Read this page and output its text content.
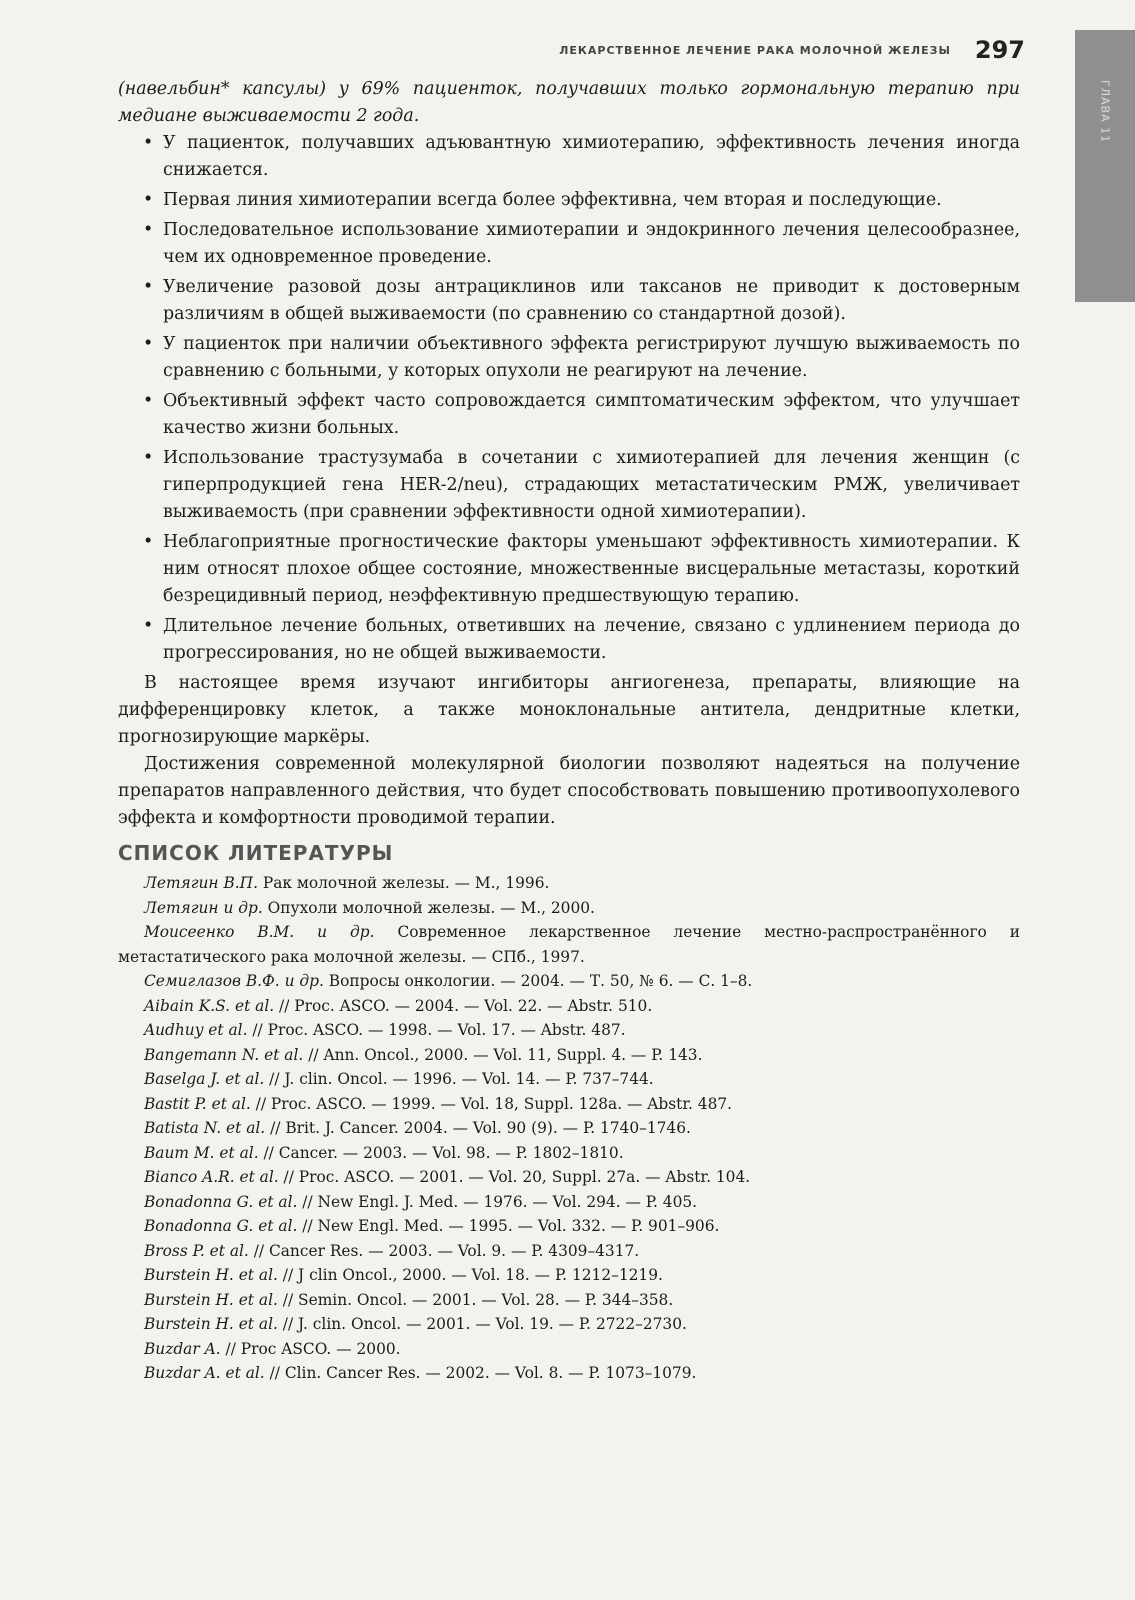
ЛЕКАРСТВЕННОЕ ЛЕЧЕНИЕ РАКА МОЛОЧНОЙ ЖЕЛЕЗЫ 297
ГЛАВА 11

(навельбин* капсулы) у 69% пациенток, получавших только гормональную терапию при медиане выживаемости 2 года.

• У пациенток, получавших адъювантную химиотерапию, эффективность лечения иногда снижается.
• Первая линия химиотерапии всегда более эффективна, чем вторая и последующие.
• Последовательное использование химиотерапии и эндокринного лечения целесообразнее, чем их одновременное проведение.
• Увеличение разовой дозы антрациклинов или таксанов не приводит к достоверным различиям в общей выживаемости (по сравнению со стандартной дозой).
• У пациенток при наличии объективного эффекта регистрируют лучшую выживаемость по сравнению с больными, у которых опухоли не реагируют на лечение.
• Объективный эффект часто сопровождается симптоматическим эффектом, что улучшает качество жизни больных.
• Использование трастузумаба в сочетании с химиотерапией для лечения женщин (с гиперпродукцией гена HER-2/neu), страдающих метастатическим РМЖ, увеличивает выживаемость (при сравнении эффективности одной химиотерапии).
• Неблагоприятные прогностические факторы уменьшают эффективность химиотерапии. К ним относят плохое общее состояние, множественные висцеральные метастазы, короткий безрецидивный период, неэффективную предшествующую терапию.
• Длительное лечение больных, ответивших на лечение, связано с удлинением периода до прогрессирования, но не общей выживаемости.

В настоящее время изучают ингибиторы ангиогенеза, препараты, влияющие на дифференцировку клеток, а также моноклональные антитела, дендритные клетки, прогнозирующие маркёры.

Достижения современной молекулярной биологии позволяют надеяться на получение препаратов направленного действия, что будет способствовать повышению противоопухолевого эффекта и комфортности проводимой терапии.

СПИСОК ЛИТЕРАТУРЫ
Летягин В.П. Рак молочной железы. — М., 1996.
Летягин и др. Опухоли молочной железы. — М., 2000.
Моисеенко В.М. и др. Современное лекарственное лечение местно-распространённого и метастатического рака молочной железы. — СПб., 1997.
Семиглазов В.Ф. и др. Вопросы онкологии. — 2004. — Т. 50, № 6. — С. 1–8.
Aibain K.S. et al. // Proc. ASCO. — 2004. — Vol. 22. — Abstr. 510.
Audhuy et al. // Proc. ASCO. — 1998. — Vol. 17. — Abstr. 487.
Bangemann N. et al. // Ann. Oncol., 2000. — Vol. 11, Suppl. 4. — P. 143.
Baselga J. et al. // J. clin. Oncol. — 1996. — Vol. 14. — P. 737–744.
Bastit P. et al. // Proc. ASCO. — 1999. — Vol. 18, Suppl. 128a. — Abstr. 487.
Batista N. et al. // Brit. J. Cancer. 2004. — Vol. 90 (9). — P. 1740–1746.
Baum M. et al. // Cancer. — 2003. — Vol. 98. — P. 1802–1810.
Bianco A.R. et al. // Proc. ASCO. — 2001. — Vol. 20, Suppl. 27a. — Abstr. 104.
Bonadonna G. et al. // New Engl. J. Med. — 1976. — Vol. 294. — P. 405.
Bonadonna G. et al. // New Engl. Med. — 1995. — Vol. 332. — P. 901–906.
Bross P. et al. // Cancer Res. — 2003. — Vol. 9. — P. 4309–4317.
Burstein H. et al. // J clin Oncol., 2000. — Vol. 18. — P. 1212–1219.
Burstein H. et al. // Semin. Oncol. — 2001. — Vol. 28. — P. 344–358.
Burstein H. et al. // J. clin. Oncol. — 2001. — Vol. 19. — P. 2722–2730.
Buzdar A. // Proc ASCO. — 2000.
Buzdar A. et al. // Clin. Cancer Res. — 2002. — Vol. 8. — P. 1073–1079.
